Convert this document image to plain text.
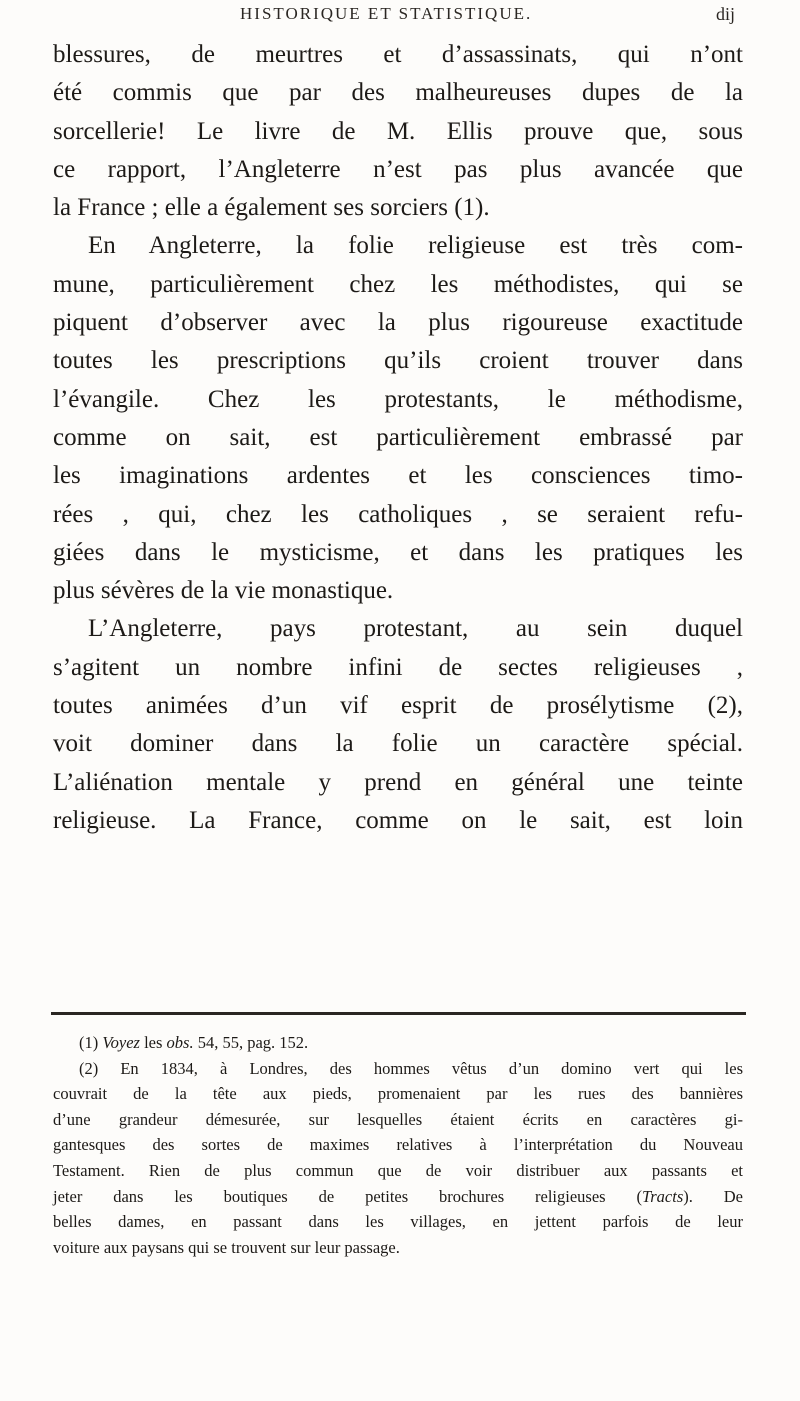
HISTORIQUE ET STATISTIQUE.	dij
blessures, de meurtres et d’assassinats, qui n’ont
été commis que par des malheureuses dupes de la
sorcellerie! Le livre de M. Ellis prouve que, sous
ce rapport, l’Angleterre n’est pas plus avancée que
la France ; elle a également ses sorciers (1).
En Angleterre, la folie religieuse est très com-
mune, particulièrement chez les méthodistes, qui se
piquent d’observer avec la plus rigoureuse exactitude
toutes les prescriptions qu’ils croient trouver dans
l’évangile. Chez les protestants, le méthodisme,
comme on sait, est particulièrement embrassé par
les imaginations ardentes et les consciences timo-
rées , qui, chez les catholiques , se seraient refu-
giées dans le mysticisme, et dans les pratiques les
plus sévères de la vie monastique.
L’Angleterre, pays protestant, au sein duquel
s’agitent un nombre infini de sectes religieuses ,
toutes animées d’un vif esprit de prosélytisme (2),
voit dominer dans la folie un caractère spécial.
L’aliénation mentale y prend en général une teinte
religieuse. La France, comme on le sait, est loin
(1) Voyez les obs. 54, 55, pag. 152.
(2) En 1834, à Londres, des hommes vêtus d’un domino vert qui les
couvrait de la tête aux pieds, promenaient par les rues des bannières
d’une grandeur démesurée, sur lesquelles étaient écrits en caractères gi-
gantesques des sortes de maximes relatives à l’interprétation du Nouveau
Testament. Rien de plus commun que de voir distribuer aux passants et
jeter dans les boutiques de petites brochures religieuses (Tracts). De
belles dames, en passant dans les villages, en jettent parfois de leur
voiture aux paysans qui se trouvent sur leur passage.
